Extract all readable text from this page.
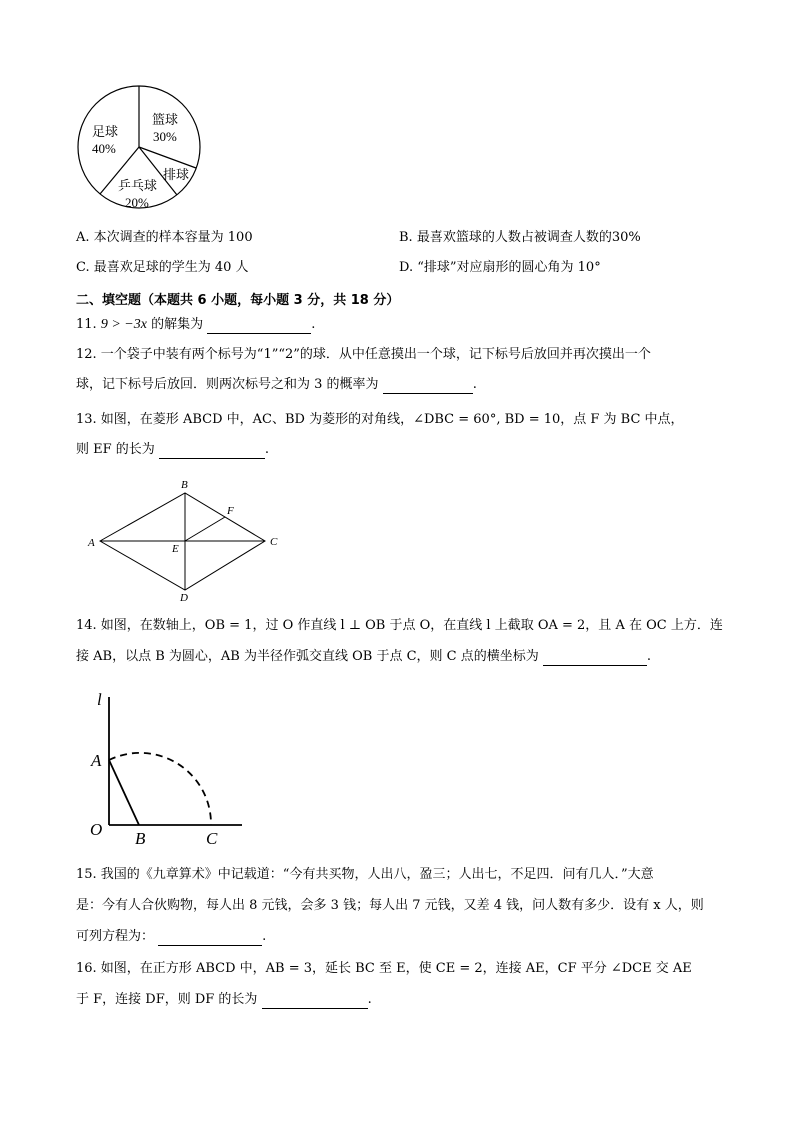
足球
40%
篮球
30%
排球
乒乓球
20%
A. 本次调查的样本容量为 100	B. 最喜欢篮球的人数占被调查人数的30%
C. 最喜欢足球的学生为 40 人	D. “排球”对应扇形的圆心角为 10°
二、填空题（本题共 6 小题，每小题 3 分，共 18 分）
11. 9 > −3x 的解集为	.
12. 一个袋子中装有两个标号为“1”“2”的球．从中任意摸出一个球，记下标号后放回并再次摸出一个
球，记下标号后放回．则两次标号之和为 3 的概率为	.
13. 如图，在菱形 ABCD 中，AC、BD 为菱形的对角线，∠DBC = 60°, BD = 10，点 F 为 BC 中点，
则 EF 的长为	.
A
B
C
D
E
F
14. 如图，在数轴上，OB = 1，过 O 作直线 l ⊥ OB 于点 O，在直线 l 上截取 OA = 2，且 A 在 OC 上方．连
接 AB，以点 B 为圆心，AB 为半径作弧交直线 OB 于点 C，则 C 点的横坐标为	.
l
A
O B	C
15. 我国的《九章算术》中记载道：“今有共买物，人出八，盈三；人出七，不足四．问有几人．”大意
是：今有人合伙购物，每人出 8 元钱，会多 3 钱；每人出 7 元钱，又差 4 钱，问人数有多少．设有 x 人，则
可列方程为：	.
16. 如图，在正方形 ABCD 中，AB = 3，延长 BC 至 E，使 CE = 2，连接 AE，CF 平分 ∠DCE 交 AE
于 F，连接 DF，则 DF 的长为	.
